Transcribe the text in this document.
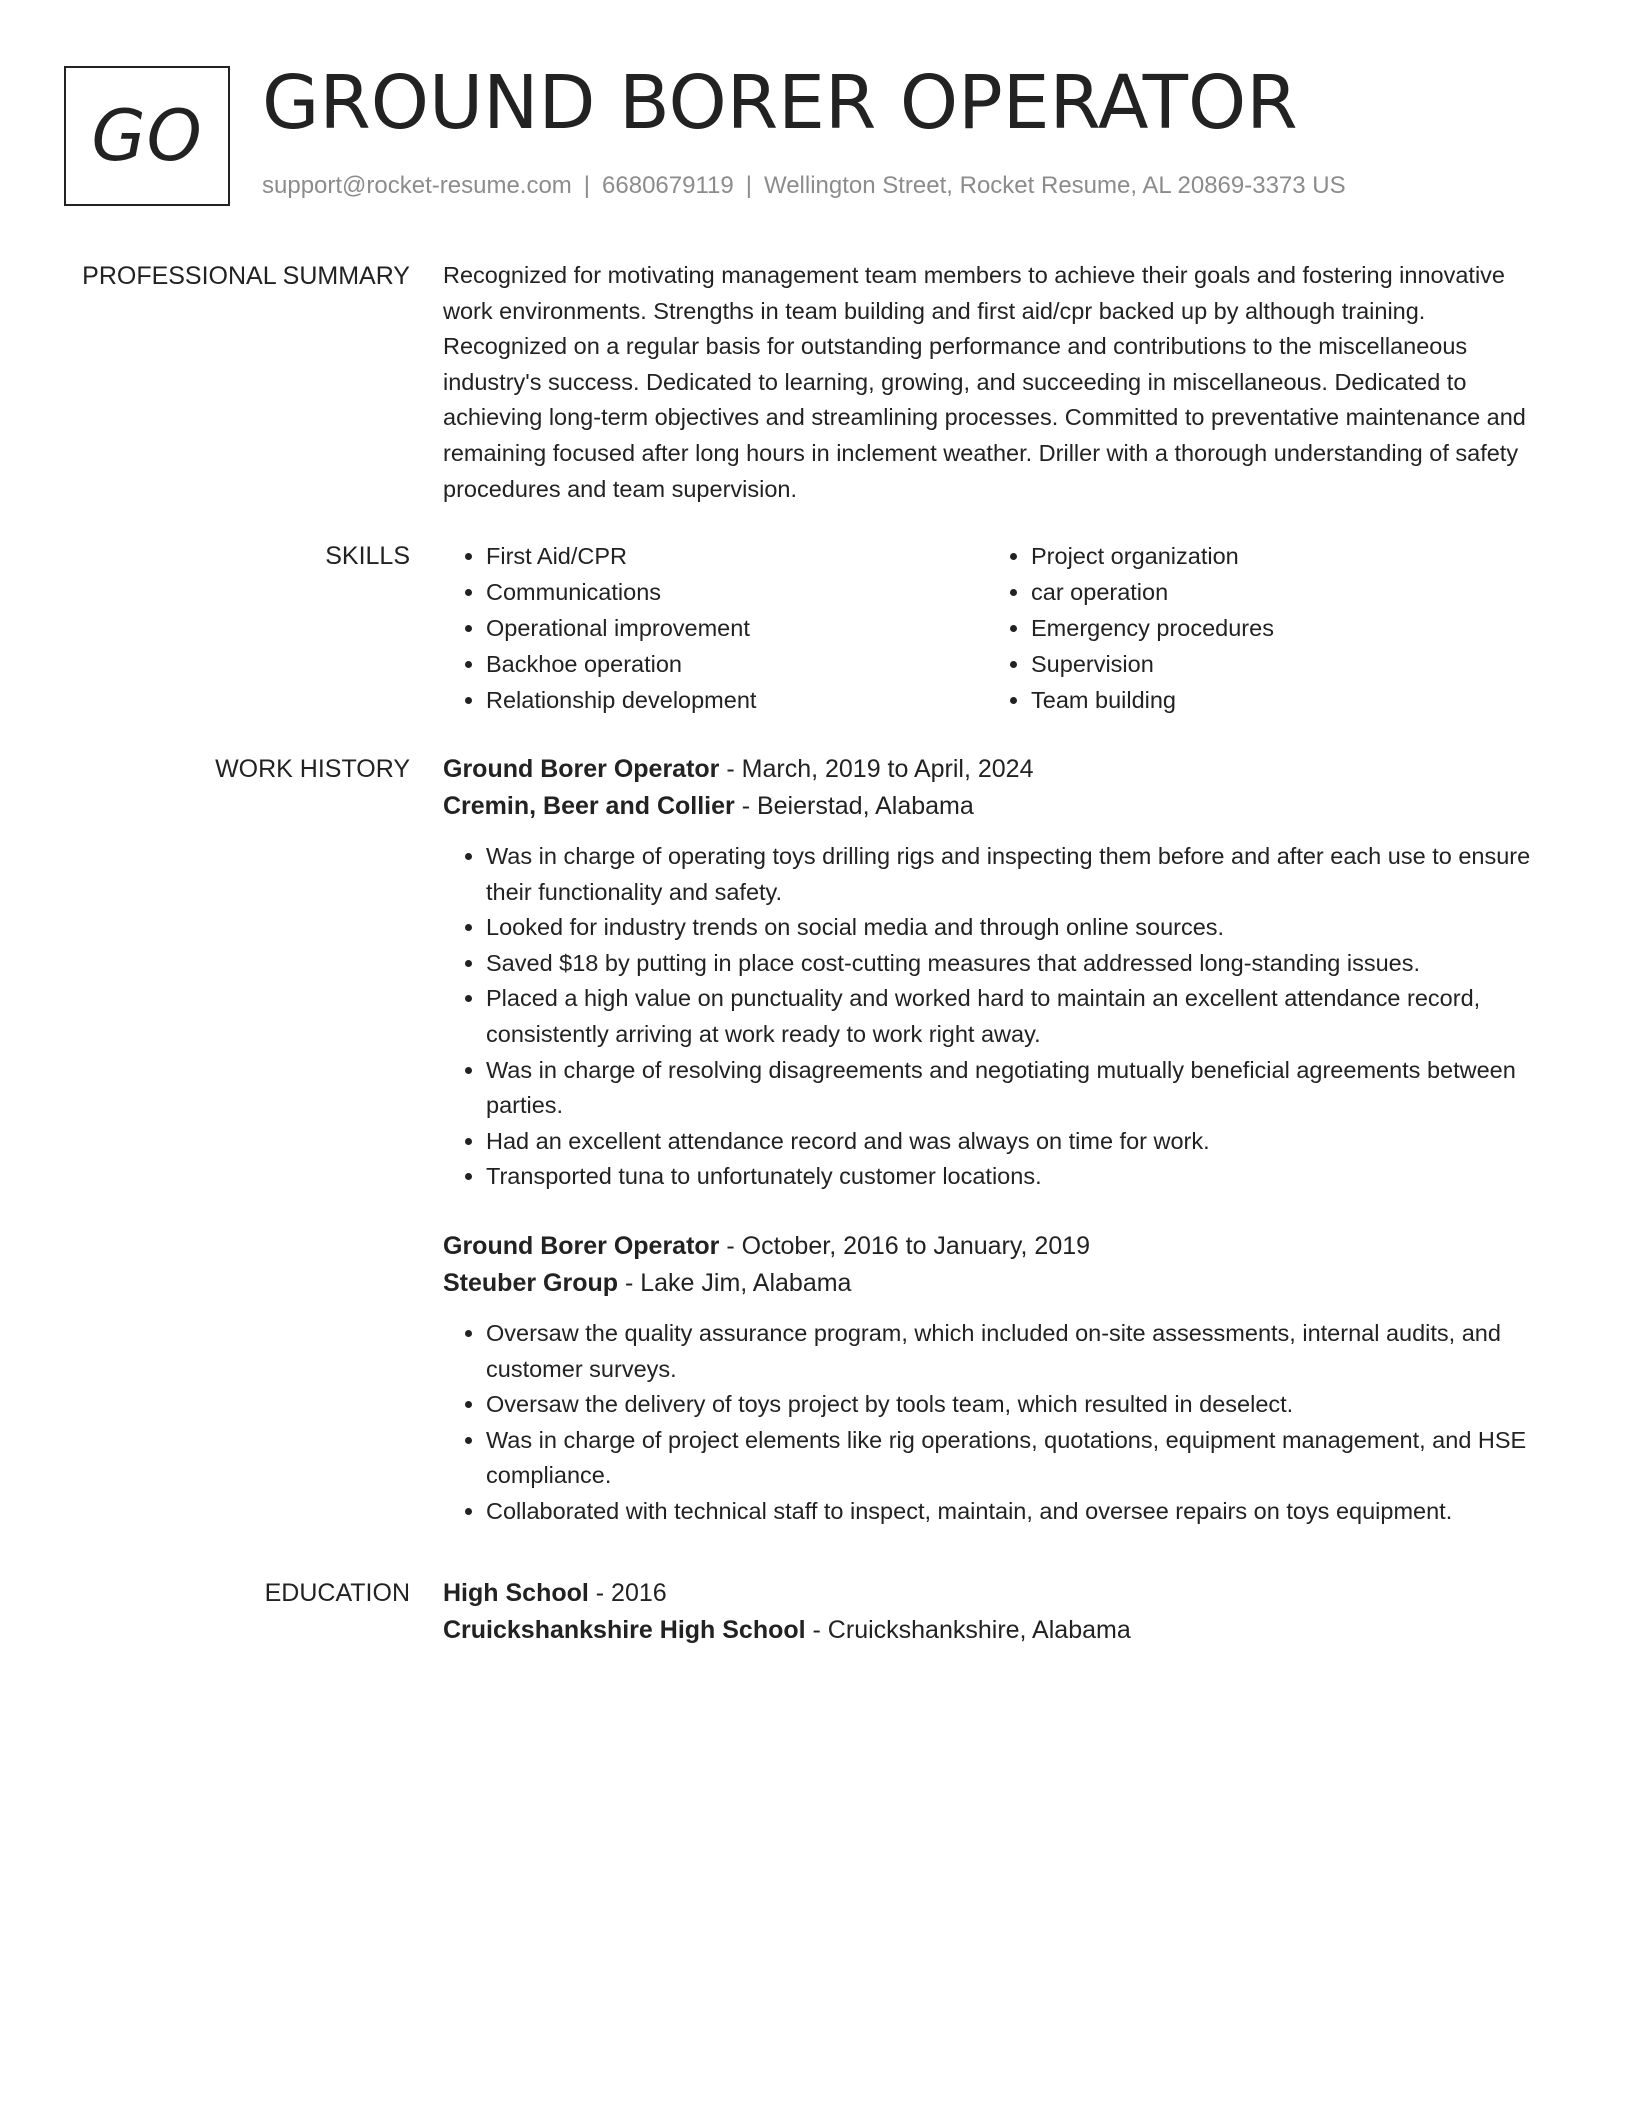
GO GROUND BORER OPERATOR
support@rocket-resume.com | 6680679119 | Wellington Street, Rocket Resume, AL 20869-3373 US
PROFESSIONAL SUMMARY Recognized for motivating management team members to achieve their goals and fostering innovative work environments. Strengths in team building and first aid/cpr backed up by although training. Recognized on a regular basis for outstanding performance and contributions to the miscellaneous industry's success. Dedicated to learning, growing, and succeeding in miscellaneous. Dedicated to achieving long-term objectives and streamlining processes. Committed to preventative maintenance and remaining focused after long hours in inclement weather. Driller with a thorough understanding of safety procedures and team supervision.

SKILLS
•	First Aid/CPR
• Communications
• Operational improvement
• Backhoe operation
• Relationship development
• Project organization
• car operation
• Emergency procedures
• Supervision
• Team building
WORK HISTORY Ground Borer Operator - March, 2019 to April, 2024
Cremin, Beer and Collier - Beierstad, Alabama
• Was in charge of operating toys drilling rigs and inspecting them before and after each use to ensure their functionality and safety.
• Looked for industry trends on social media and through online sources.
• Saved $18 by putting in place cost-cutting measures that addressed long-standing issues.
• Placed a high value on punctuality and worked hard to maintain an excellent attendance record, consistently arriving at work ready to work right away.
• Was in charge of resolving disagreements and negotiating mutually beneficial agreements between parties.
• Had an excellent attendance record and was always on time for work.
• Transported tuna to unfortunately customer locations.
Ground Borer Operator - October, 2016 to January, 2019
Steuber Group - Lake Jim, Alabama
• Oversaw the quality assurance program, which included on-site assessments, internal audits, and customer surveys.
• Oversaw the delivery of toys project by tools team, which resulted in deselect.
• Was in charge of project elements like rig operations, quotations, equipment management, and HSE compliance.
• Collaborated with technical staff to inspect, maintain, and oversee repairs on toys equipment.
EDUCATION High School - 2016
Cruickshankshire High School - Cruickshankshire, Alabama
